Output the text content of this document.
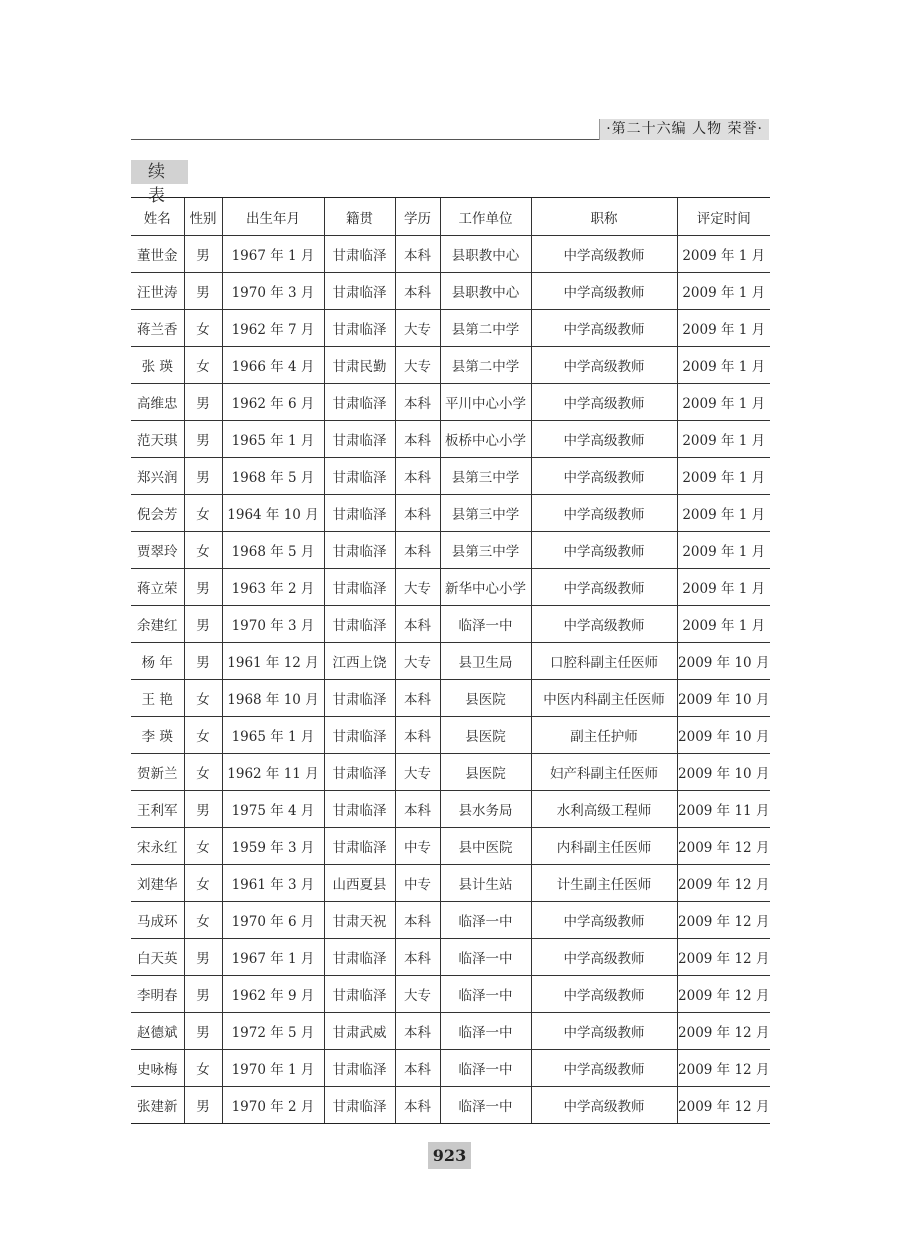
·第二十六编 人物 荣誉·
续 表
姓名	性别	出生年月	籍贯	学历	工作单位	职称	评定时间
董世金	男	1967 年 1 月	甘肃临泽	本科	县职教中心	中学高级教师	2009 年 1 月
汪世涛	男	1970 年 3 月	甘肃临泽	本科	县职教中心	中学高级教师	2009 年 1 月
蒋兰香	女	1962 年 7 月	甘肃临泽	大专	县第二中学	中学高级教师	2009 年 1 月
张 瑛	女	1966 年 4 月	甘肃民勤	大专	县第二中学	中学高级教师	2009 年 1 月
高维忠	男	1962 年 6 月	甘肃临泽	本科	平川中心小学	中学高级教师	2009 年 1 月
范天琪	男	1965 年 1 月	甘肃临泽	本科	板桥中心小学	中学高级教师	2009 年 1 月
郑兴润	男	1968 年 5 月	甘肃临泽	本科	县第三中学	中学高级教师	2009 年 1 月
倪会芳	女	1964 年 10 月	甘肃临泽	本科	县第三中学	中学高级教师	2009 年 1 月
贾翠玲	女	1968 年 5 月	甘肃临泽	本科	县第三中学	中学高级教师	2009 年 1 月
蒋立荣	男	1963 年 2 月	甘肃临泽	大专	新华中心小学	中学高级教师	2009 年 1 月
余建红	男	1970 年 3 月	甘肃临泽	本科	临泽一中	中学高级教师	2009 年 1 月
杨 年	男	1961 年 12 月	江西上饶	大专	县卫生局	口腔科副主任医师	2009 年 10 月
王 艳	女	1968 年 10 月	甘肃临泽	本科	县医院	中医内科副主任医师	2009 年 10 月
李 瑛	女	1965 年 1 月	甘肃临泽	本科	县医院	副主任护师	2009 年 10 月
贺新兰	女	1962 年 11 月	甘肃临泽	大专	县医院	妇产科副主任医师	2009 年 10 月
王利军	男	1975 年 4 月	甘肃临泽	本科	县水务局	水利高级工程师	2009 年 11 月
宋永红	女	1959 年 3 月	甘肃临泽	中专	县中医院	内科副主任医师	2009 年 12 月
刘建华	女	1961 年 3 月	山西夏县	中专	县计生站	计生副主任医师	2009 年 12 月
马成环	女	1970 年 6 月	甘肃天祝	本科	临泽一中	中学高级教师	2009 年 12 月
白天英	男	1967 年 1 月	甘肃临泽	本科	临泽一中	中学高级教师	2009 年 12 月
李明春	男	1962 年 9 月	甘肃临泽	大专	临泽一中	中学高级教师	2009 年 12 月
赵德斌	男	1972 年 5 月	甘肃武威	本科	临泽一中	中学高级教师	2009 年 12 月
史咏梅	女	1970 年 1 月	甘肃临泽	本科	临泽一中	中学高级教师	2009 年 12 月
张建新	男	1970 年 2 月	甘肃临泽	本科	临泽一中	中学高级教师	2009 年 12 月
923
